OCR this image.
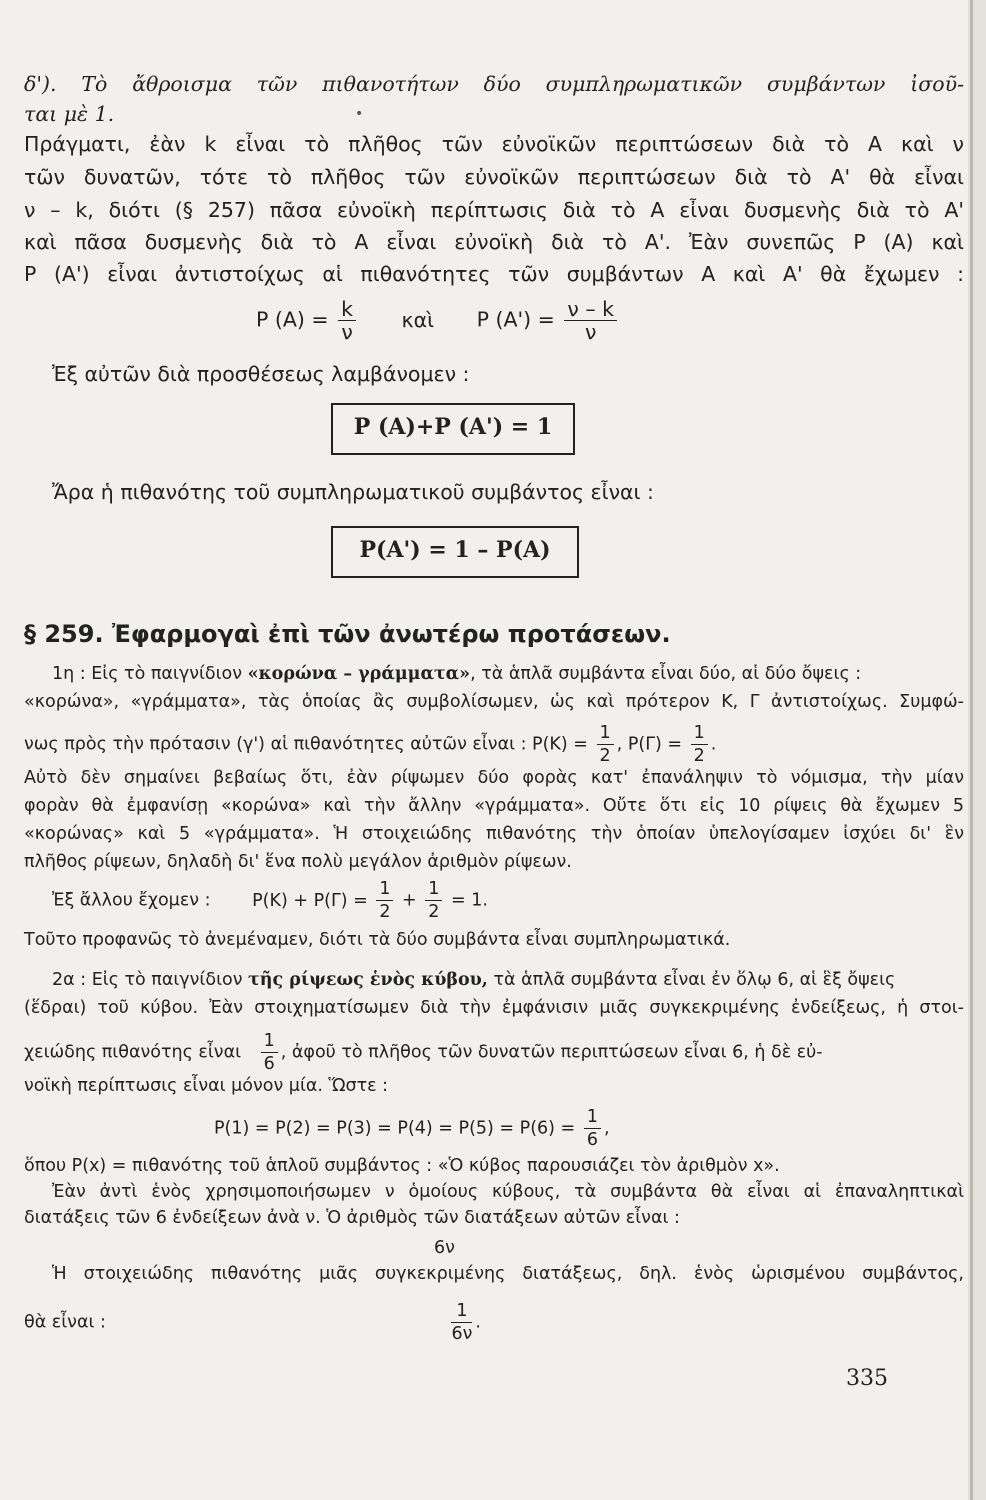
δ'). Τὸ ἄθροισμα τῶν πιθανοτήτων δύο συμπληρωματικῶν συμβάντων ἰσοῦ-
ται μὲ 1.	•
Πράγματι, ἐὰν k εἶναι τὸ πλῆθος τῶν εὐνοϊκῶν περιπτώσεων διὰ τὸ Α καὶ ν
τῶν δυνατῶν, τότε τὸ πλῆθος τῶν εὐνοϊκῶν περιπτώσεων διὰ τὸ Α' θὰ εἶναι
ν – k, διότι (§ 257) πᾶσα εὐνοϊκὴ περίπτωσις διὰ τὸ Α εἶναι δυσμενὴς διὰ τὸ Α'
καὶ πᾶσα δυσμενὴς διὰ τὸ Α εἶναι εὐνοϊκὴ διὰ τὸ Α'. Ἐὰν συνεπῶς Ρ (Α) καὶ
Ρ (Α') εἶναι ἀντιστοίχως αἱ πιθανότητες τῶν συμβάντων Α καὶ Α' θὰ ἔχωμεν :
Ρ $(A) = \frac{k}{\nu}$ καὶ Ρ $(A') = \frac{\nu - k}{\nu}$
Ἐξ αὐτῶν διὰ προσθέσεως λαμβάνομεν :
Ρ (Α)+Ρ (Α') = 1
Ἄρα ἡ πιθανότης τοῦ συμπληρωματικοῦ συμβάντος εἶναι :
Ρ(Α') = 1 – Ρ(Α)
§ 259. Ἐφαρμογαὶ ἐπὶ τῶν ἀνωτέρω προτάσεων.
1η : Εἰς τὸ παιγνίδιον «κορώνα – γράμματα», τὰ ἁπλᾶ συμβάντα εἶναι δύο, αἱ δύο ὄψεις :
«κορώνα», «γράμματα», τὰς ὁποίας ἂς συμβολίσωμεν, ὡς καὶ πρότερον Κ, Γ ἀντιστοίχως. Συμφώ-
νως πρὸς τὴν πρότασιν (γ') αἱ πιθανότητες αὐτῶν εἶναι : $P(K) = \frac{1}{2}$ , $P(\Gamma) = \frac{1}{2}$ .
Αὐτὸ δὲν σημαίνει βεβαίως ὅτι, ἐὰν ρίψωμεν δύο φορὰς κατ' ἐπανάληψιν τὸ νόμισμα, τὴν μίαν
φορὰν θὰ ἐμφανίσῃ «κορώνα» καὶ τὴν ἄλλην «γράμματα». Οὔτε ὅτι εἰς 10 ρίψεις θὰ ἔχωμεν 5
«κορώνας» καὶ 5 «γράμματα». Ἡ στοιχειώδης πιθανότης τὴν ὁποίαν ὑπελογίσαμεν ἰσχύει δι' ἓν
πλῆθος ρίψεων, δηλαδὴ δι' ἕνα πολὺ μεγάλον ἀριθμὸν ρίψεων.
Ἐξ ἄλλου ἔχομεν : $P(K) + P(\Gamma) = \frac{1}{2} + \frac{1}{2} = 1$.
Τοῦτο προφανῶς τὸ ἀνεμέναμεν, διότι τὰ δύο συμβάντα εἶναι συμπληρωματικά.
2α : Εἰς τὸ παιγνίδιον τῆς ρίψεως ἑνὸς κύβου, τὰ ἁπλᾶ συμβάντα εἶναι ἐν ὅλῳ 6, αἱ ἓξ ὄψεις
(ἕδραι) τοῦ κύβου. Ἐὰν στοιχηματίσωμεν διὰ τὴν ἐμφάνισιν μιᾶς συγκεκριμένης ἐνδείξεως, ἡ στοι-
χειώδης πιθανότης εἶναι $\frac{1}{6}$ , ἀφοῦ τὸ πλῆθος τῶν δυνατῶν περιπτώσεων εἶναι 6, ἡ δὲ εὐ-
νοϊκὴ περίπτωσις εἶναι μόνον μία. Ὥστε :
$P(1) = P(2) = P(3) = P(4) = P(5) = P(6) = \frac{1}{6}$ ,
ὅπου Ρ(x) = πιθανότης τοῦ ἁπλοῦ συμβάντος : «Ὁ κύβος παρουσιάζει τὸν ἀριθμὸν x».
Ἐὰν ἀντὶ ἑνὸς χρησιμοποιήσωμεν ν ὁμοίους κύβους, τὰ συμβάντα θὰ εἶναι αἱ ἐπαναληπτικαὶ
διατάξεις τῶν 6 ἐνδείξεων ἀνὰ ν. Ὁ ἀριθμὸς τῶν διατάξεων αὐτῶν εἶναι :
6ν
Ἡ στοιχειώδης πιθανότης μιᾶς συγκεκριμένης διατάξεως, δηλ. ἑνὸς ὡρισμένου συμβάντος,
θὰ εἶναι :	$\frac{1}{6\nu}$ .
335
